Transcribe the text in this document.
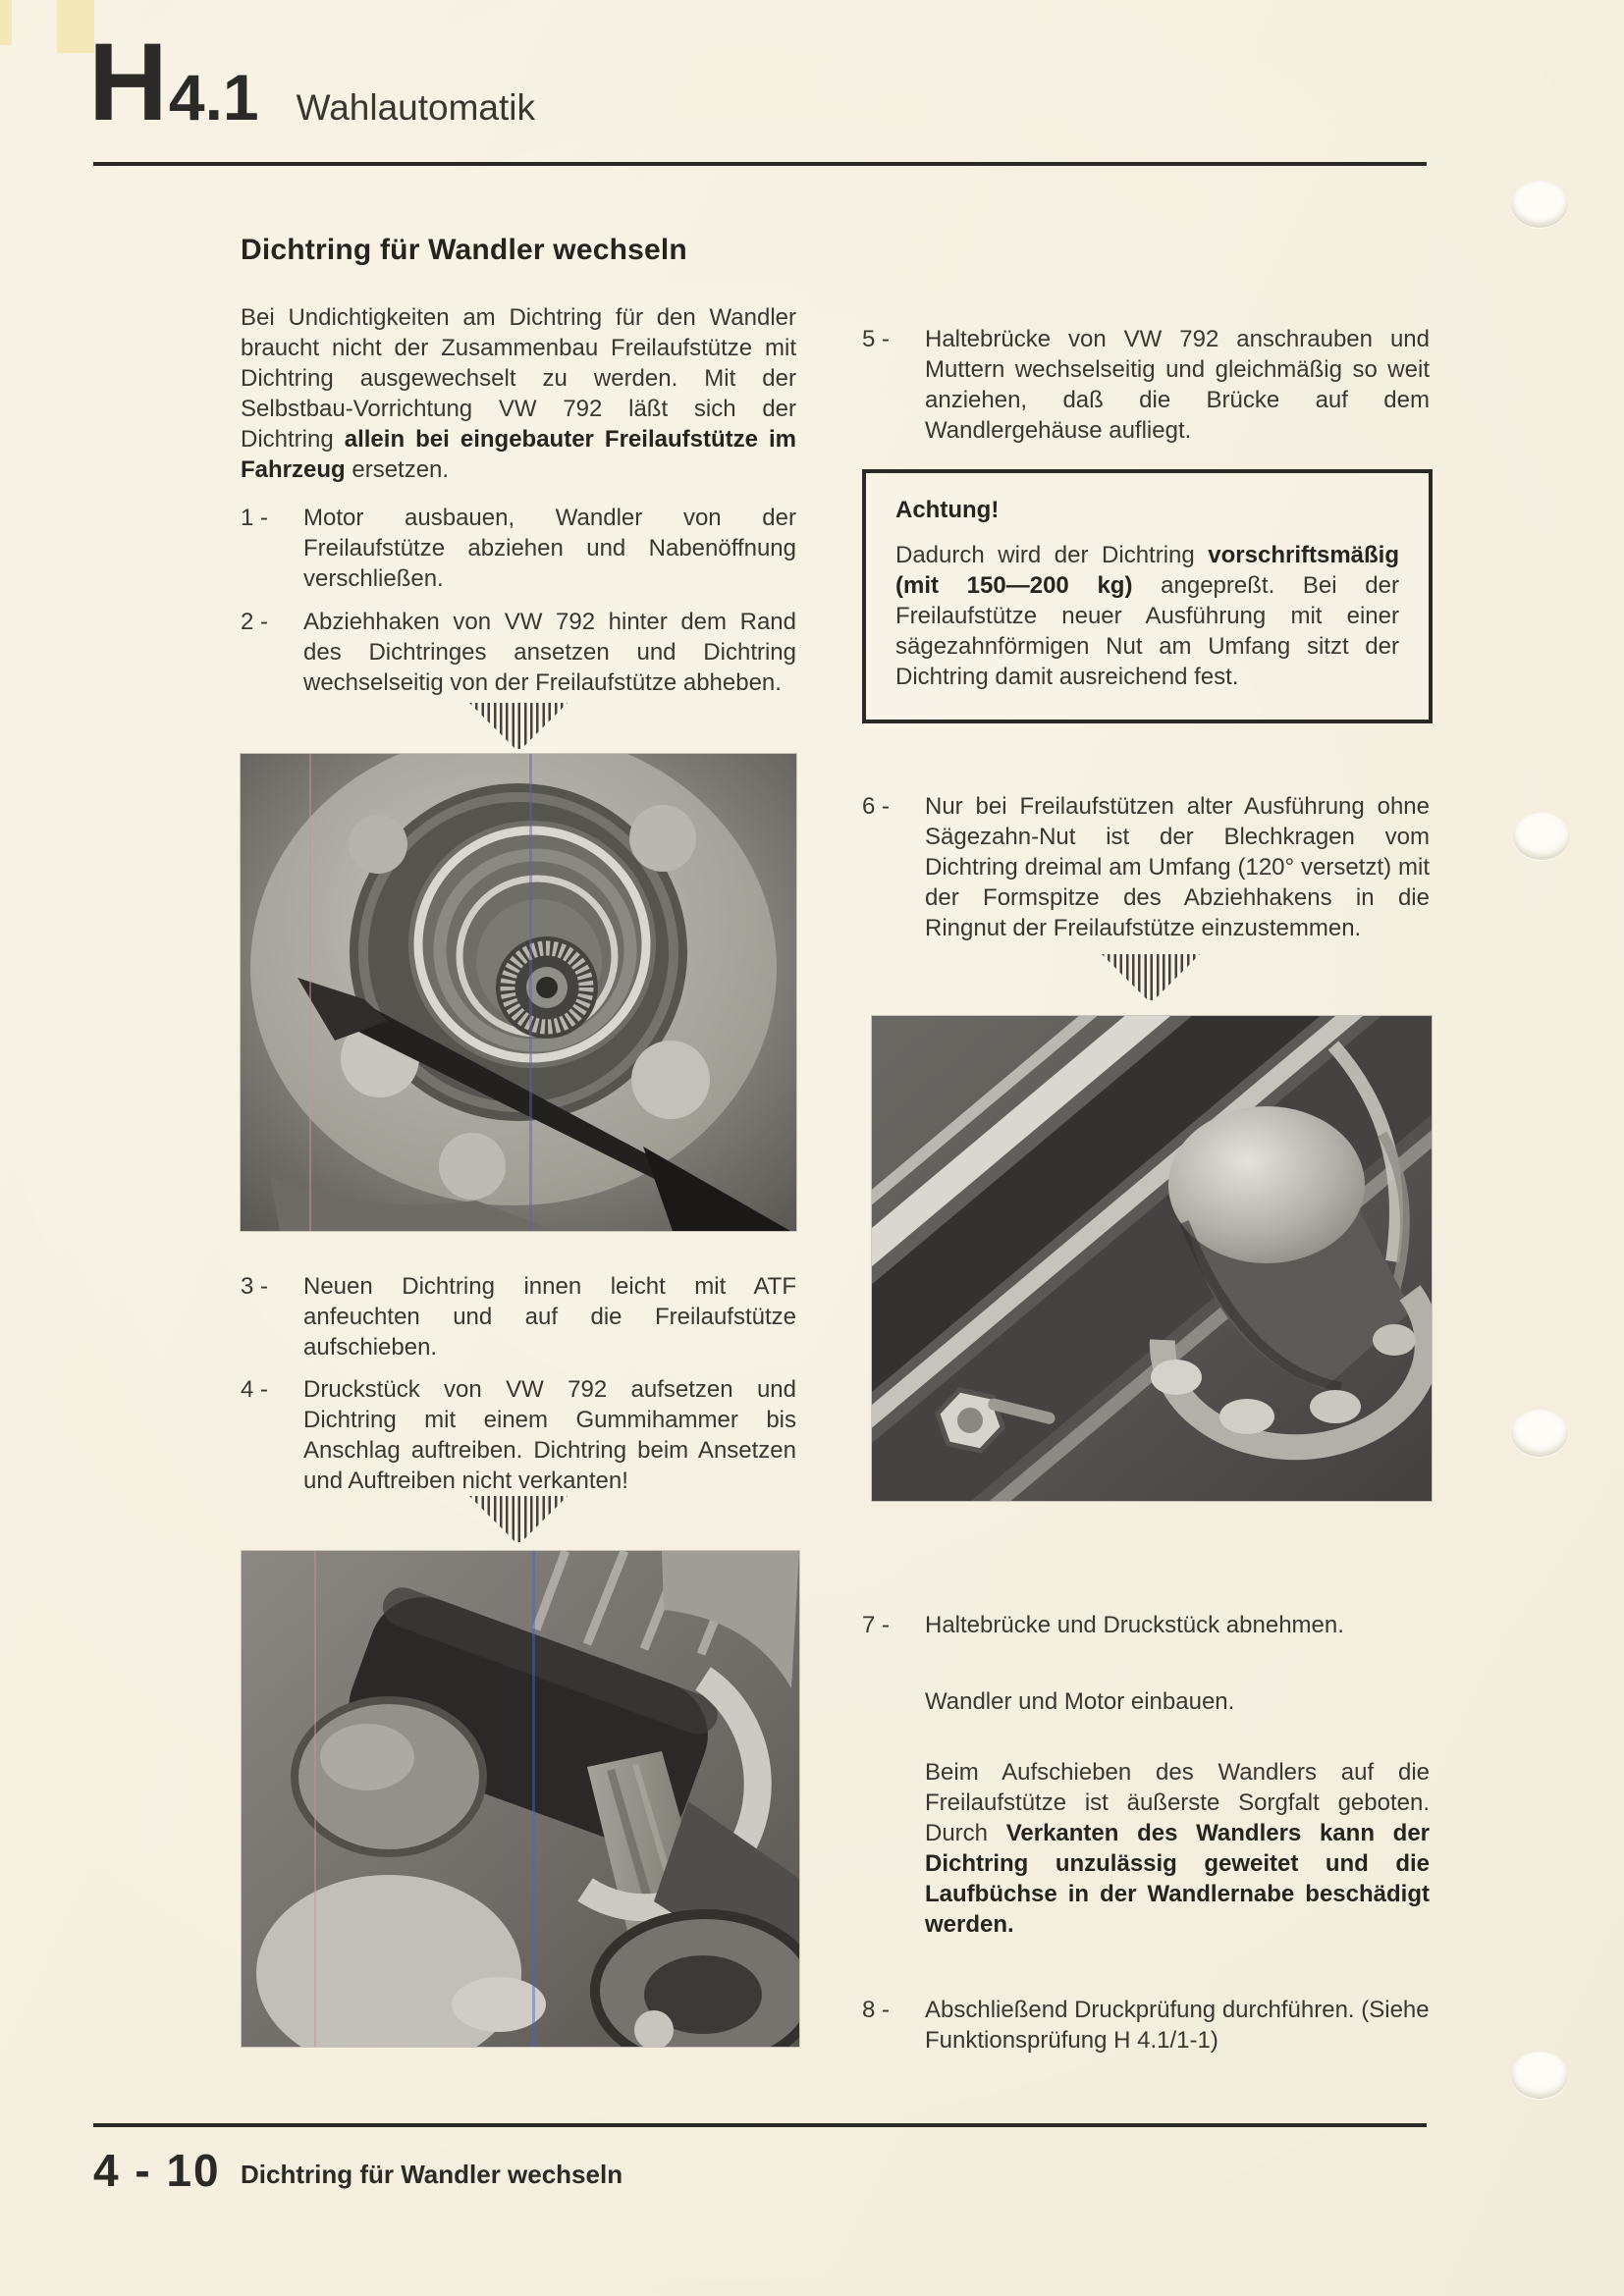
H 4.1 Wahlautomatik
Dichtring für Wandler wechseln
Bei Undichtigkeiten am Dichtring für den Wandler braucht nicht der Zusammenbau Freilaufstütze mit Dichtring ausgewechselt zu werden. Mit der Selbstbau-Vorrichtung VW 792 läßt sich der Dichtring allein bei eingebauter Freilaufstütze im Fahrzeug ersetzen.
1 -	Motor ausbauen, Wandler von der Freilaufstütze abziehen und Nabenöffnung verschließen.
2 -	Abziehhaken von VW 792 hinter dem Rand des Dichtringes ansetzen und Dichtring wechselseitig von der Freilaufstütze abheben.
3 -	Neuen Dichtring innen leicht mit ATF anfeuchten und auf die Freilaufstütze aufschieben.
4 -	Druckstück von VW 792 aufsetzen und Dichtring mit einem Gummihammer bis Anschlag auftreiben. Dichtring beim Ansetzen und Auftreiben nicht verkanten!
5 -	Haltebrücke von VW 792 anschrauben und Muttern wechselseitig und gleichmäßig so weit anziehen, daß die Brücke auf dem Wandlergehäuse aufliegt.
Achtung!
Dadurch wird der Dichtring vorschriftsmäßig (mit 150—200 kg) angepreßt. Bei der Freilaufstütze neuer Ausführung mit einer sägezahnförmigen Nut am Umfang sitzt der Dichtring damit ausreichend fest.
6 -	Nur bei Freilaufstützen alter Ausführung ohne Sägezahn-Nut ist der Blechkragen vom Dichtring dreimal am Umfang (120° versetzt) mit der Formspitze des Abziehhakens in die Ringnut der Freilaufstütze einzustemmen.
7 -	Haltebrücke und Druckstück abnehmen.
Wandler und Motor einbauen.
Beim Aufschieben des Wandlers auf die Freilaufstütze ist äußerste Sorgfalt geboten. Durch Verkanten des Wandlers kann der Dichtring unzulässig geweitet und die Laufbüchse in der Wandlernabe beschädigt werden.
8 -	Abschließend Druckprüfung durchführen. (Siehe Funktionsprüfung H 4.1/1-1)
4 - 10 Dichtring für Wandler wechseln
